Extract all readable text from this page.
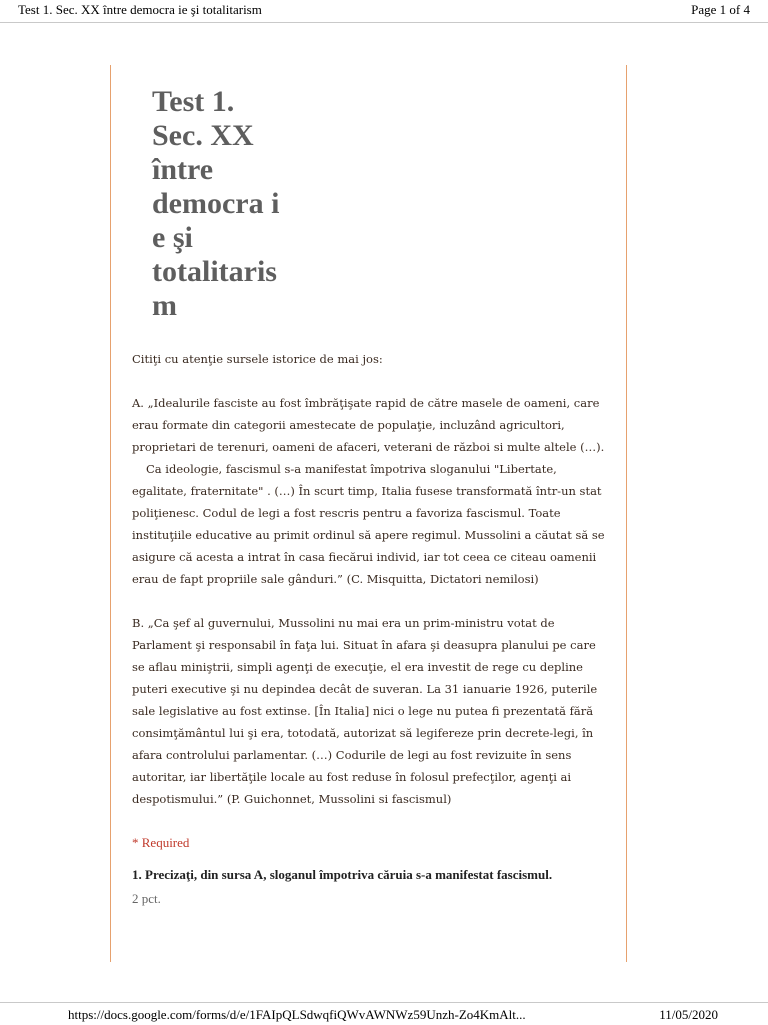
Test 1. Sec. XX între democra ie şi totalitarism	Page 1 of 4
Test 1.
Sec. XX
între
democra i
e şi
totalitaris
m

Citiţi cu atenţie sursele istorice de mai jos:

A. „Idealurile fasciste au fost îmbrăţişate rapid de către masele de oameni, care erau formate din categorii amestecate de populaţie, incluzând agricultori, proprietari de terenuri, oameni de afaceri, veterani de război si multe altele (…).

Ca ideologie, fascismul s-a manifestat împotriva sloganului "Libertate, egalitate, fraternitate" . (…) În scurt timp, Italia fusese transformată într-un stat poliţienesc. Codul de legi a fost rescris pentru a favoriza fascismul. Toate instituţiile educative au primit ordinul să apere regimul. Mussolini a căutat să se asigure că acesta a intrat în casa fiecărui individ, iar tot ceea ce citeau oamenii erau de fapt propriile sale gânduri.” (C. Misquitta, Dictatori nemilosi)

B. „Ca şef al guvernului, Mussolini nu mai era un prim-ministru votat de Parlament şi responsabil în faţa lui. Situat în afara şi deasupra planului pe care se aflau miniştrii, simpli agenţi de execuţie, el era investit de rege cu depline puteri executive şi nu depindea decât de suveran. La 31 ianuarie 1926, puterile sale legislative au fost extinse. [În Italia] nici o lege nu putea fi prezentată fără consimţământul lui şi era, totodată, autorizat să legifereze prin decrete-legi, în afara controlului parlamentar. (…) Codurile de legi au fost revizuite în sens autoritar, iar libertăţile locale au fost reduse în folosul prefecţilor, agenţi ai despotismului.” (P. Guichonnet, Mussolini si fascismul)

* Required

1. Precizaţi, din sursa A, sloganul împotriva căruia s-a manifestat fascismul.

2 pct.

https://docs.google.com/forms/d/e/1FAIpQLSdwqfiQWvAWNWz59Unzh-Zo4KmAlt...	11/05/2020
